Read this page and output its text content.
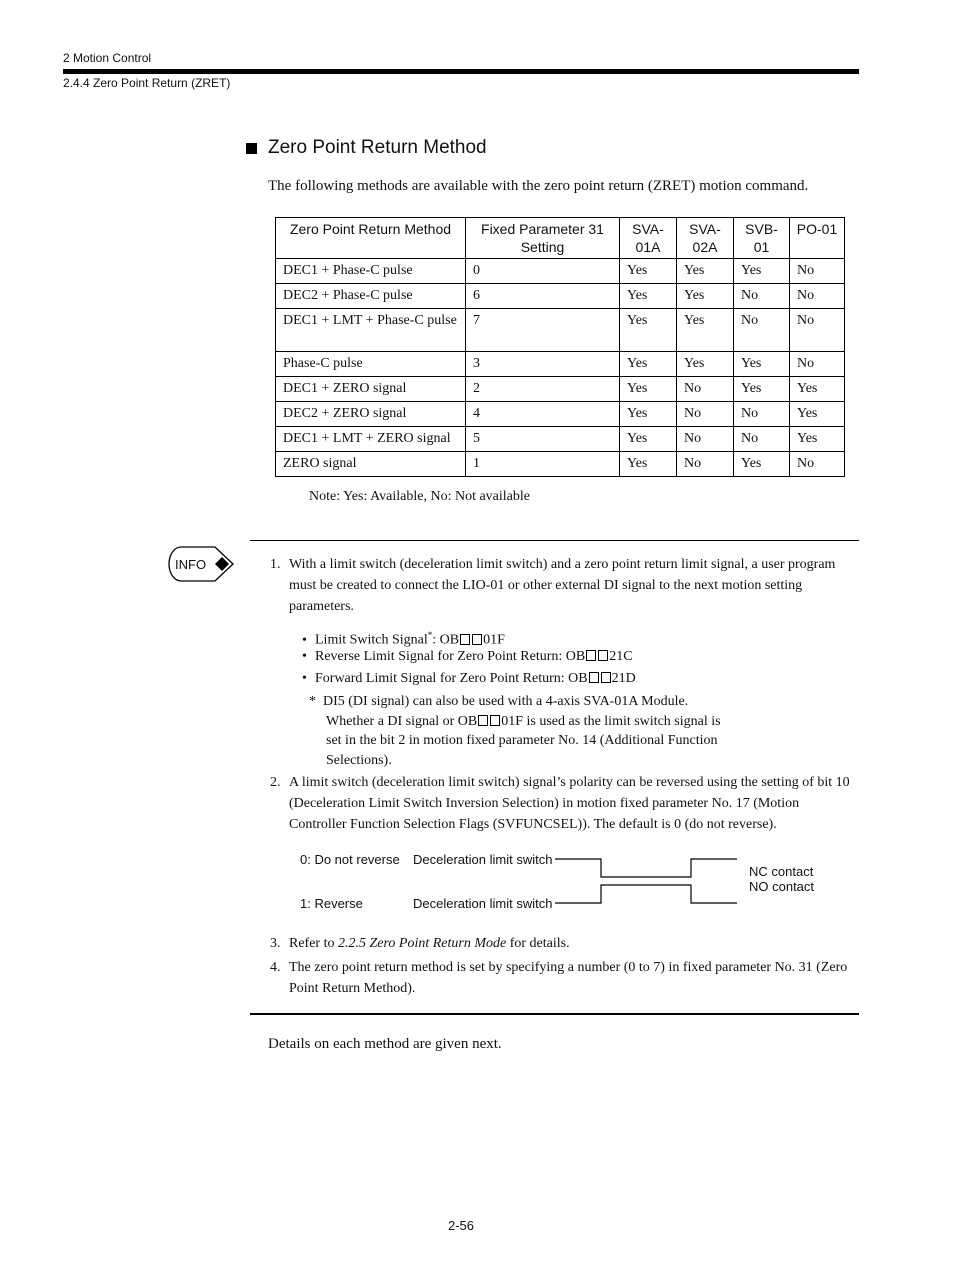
2 Motion Control
2.4.4 Zero Point Return (ZRET)
Zero Point Return Method
The following methods are available with the zero point return (ZRET) motion command.
Zero Point Return Method	Fixed Parameter 31 Setting	SVA-01A	SVA-02A	SVB-01	PO-01
DEC1 + Phase-C pulse	0	Yes	Yes	Yes	No
DEC2 + Phase-C pulse	6	Yes	Yes	No	No
DEC1 + LMT + Phase-C pulse	7	Yes	Yes	No	No
Phase-C pulse	3	Yes	Yes	Yes	No
DEC1 + ZERO signal	2	Yes	No	Yes	Yes
DEC2 + ZERO signal	4	Yes	No	No	Yes
DEC1 + LMT + ZERO signal	5	Yes	No	No	Yes
ZERO signal	1	Yes	No	Yes	No
Note: Yes: Available, No: Not available
INFO	1. With a limit switch (deceleration limit switch) and a zero point return limit signal, a user program must be created to connect the LIO-01 or other external DI signal to the next motion setting parameters.
• Limit Switch Signal*: OB 01F
• Reverse Limit Signal for Zero Point Return: OB 21C
• Forward Limit Signal for Zero Point Return: OB 21D
* DI5 (DI signal) can also be used with a 4-axis SVA-01A Module.
Whether a DI signal or OB 01F is used as the limit switch signal is set in the bit 2 in motion fixed parameter No. 14 (Additional Function Selections).
2. A limit switch (deceleration limit switch) signal’s polarity can be reversed using the setting of bit 10 (Deceleration Limit Switch Inversion Selection) in motion fixed parameter No. 17 (Motion Controller Function Selection Flags (SVFUNCSEL)). The default is 0 (do not reverse).
0: Do not reverse Deceleration limit switch
1: Reverse	Deceleration limit switch
NC contact
NO contact
3. Refer to 2.2.5 Zero Point Return Mode for details.
4. The zero point return method is set by specifying a number (0 to 7) in fixed parameter No. 31 (Zero Point Return Method).
Details on each method are given next.
2-56
